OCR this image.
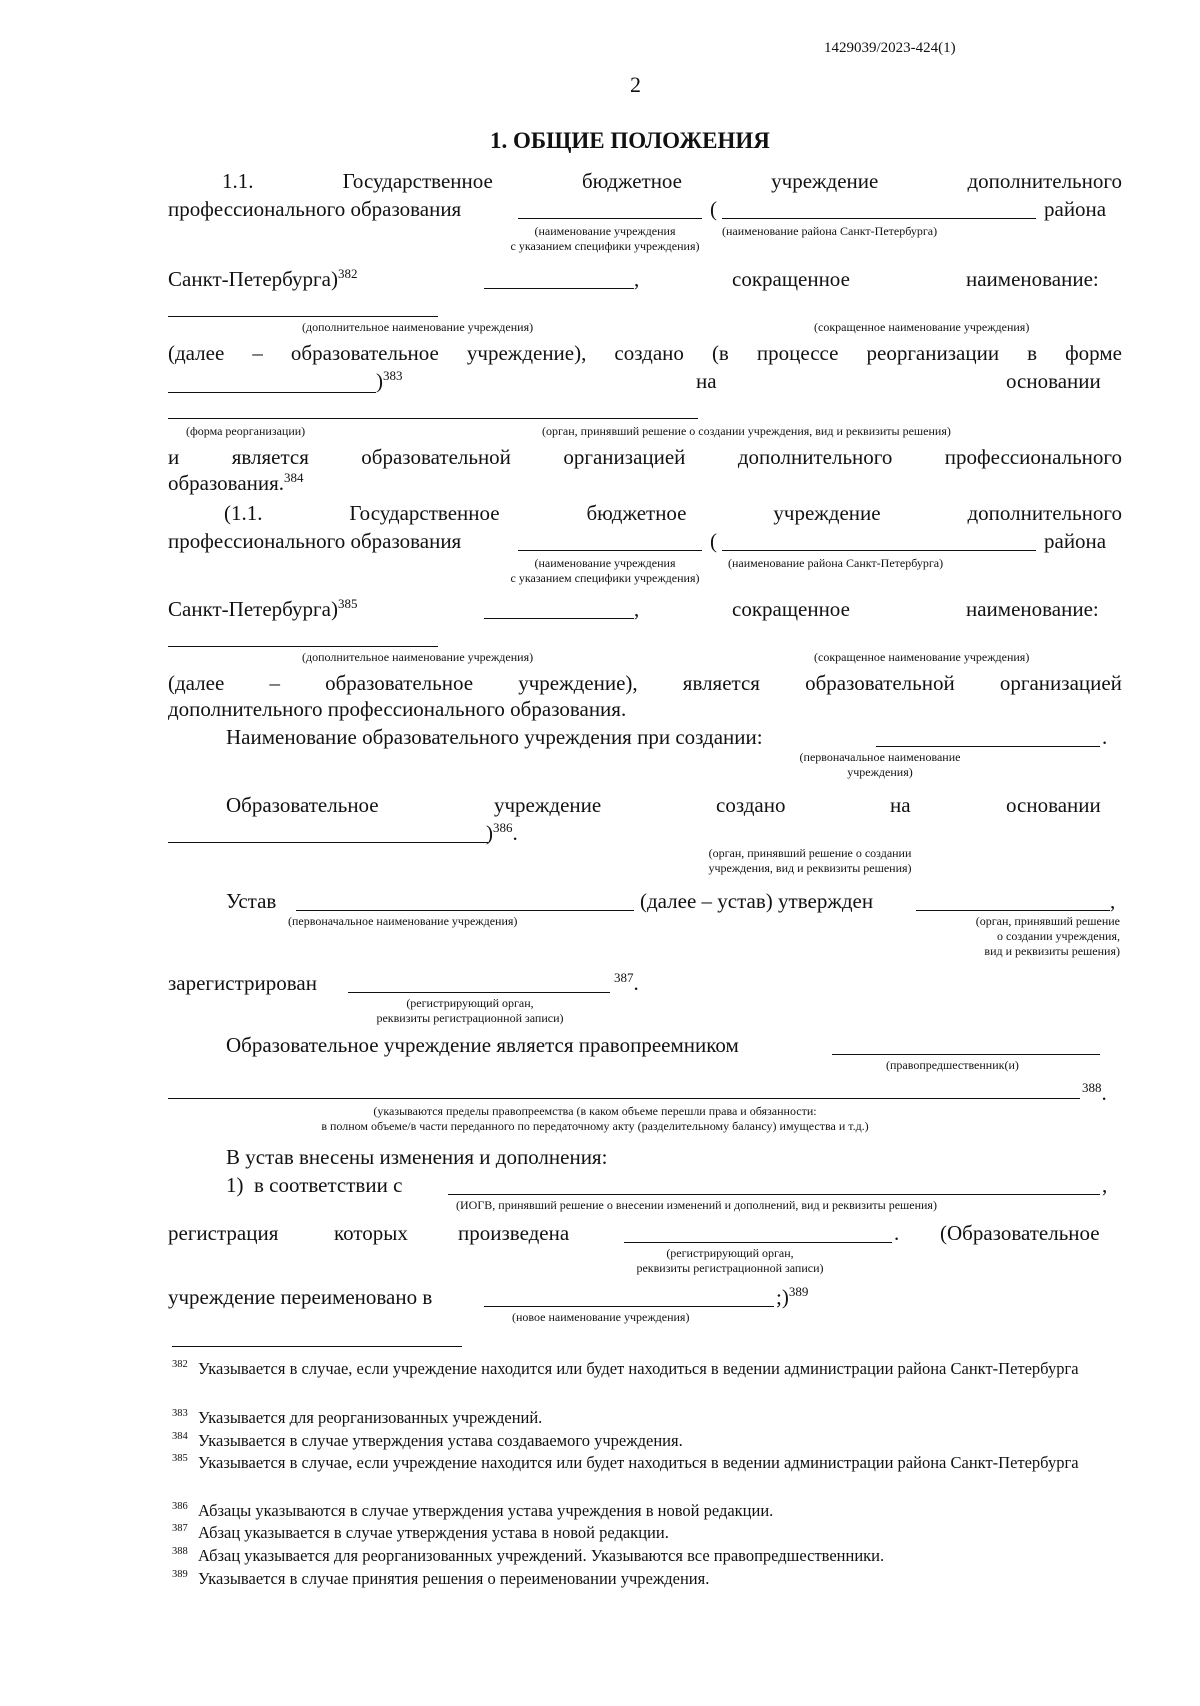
1429039/2023-424(1)
2
1. ОБЩИЕ ПОЛОЖЕНИЯ
1.1.	Государственное	бюджетное	учреждение	дополнительного
профессионального образования	(	района
(наименование учреждения
с указанием специфики учреждения)
(наименование района Санкт-Петербурга)
Санкт-Петербурга)$^{382}$	,	сокращенное	наименование:
(дополнительное наименование учреждения)	(сокращенное наименование учреждения)
(далее – образовательное учреждение), создано (в процессе реорганизации в форме
)$^{383}$	на	основании
(форма реорганизации)	(орган, принявший решение о создании учреждения, вид и реквизиты решения)
и является образовательной организацией дополнительного профессионального
образования.$^{384}$
(1.1.	Государственное	бюджетное	учреждение	дополнительного
профессионального образования	(	района
(наименование учреждения
с указанием специфики учреждения)
(наименование района Санкт-Петербурга)
Санкт-Петербурга)$^{385}$	,	сокращенное	наименование:
(дополнительное наименование учреждения)	(сокращенное наименование учреждения)
(далее – образовательное учреждение), является образовательной организацией
дополнительного профессионального образования.
Наименование образовательного учреждения при создании:	.
(первоначальное наименование
учреждения)
Образовательное	учреждение	создано	на	основании
)$^{386}$.
(орган, принявший решение о создании
учреждения, вид и реквизиты решения)
Устав	(далее – устав) утвержден	,
(первоначальное наименование учреждения)	(орган, принявший решение
о создании учреждения,
вид и реквизиты решения)
зарегистрирован	$^{387}$.
(регистрирующий орган,
реквизиты регистрационной записи)
Образовательное учреждение является правопреемником
(правопредшественник(и)
$^{388}$.
(указываются пределы правопреемства (в каком объеме перешли права и обязанности:
в полном объеме/в части переданного по передаточному акту (разделительному балансу) имущества и т.д.)
В устав внесены изменения и дополнения:
1)  в соответствии с	,
(ИОГВ, принявший решение о внесении изменений и дополнений, вид и реквизиты решения)
регистрация	которых произведена	. (Образовательное
(регистрирующий орган,
реквизиты регистрационной записи)
учреждение переименовано в	;)$^{389}$
(новое наименование учреждения)
382 Указывается в случае, если учреждение находится или будет находиться в ведении администрации района Санкт-Петербурга
383 Указывается для реорганизованных учреждений.
384 Указывается в случае утверждения устава создаваемого учреждения.
385 Указывается в случае, если учреждение находится или будет находиться в ведении администрации района Санкт-Петербурга
386 Абзацы указываются в случае утверждения устава учреждения в новой редакции.
387 Абзац указывается в случае утверждения устава в новой редакции.
388 Абзац указывается для реорганизованных учреждений. Указываются все правопредшественники.
389 Указывается в случае принятия решения о переименовании учреждения.
